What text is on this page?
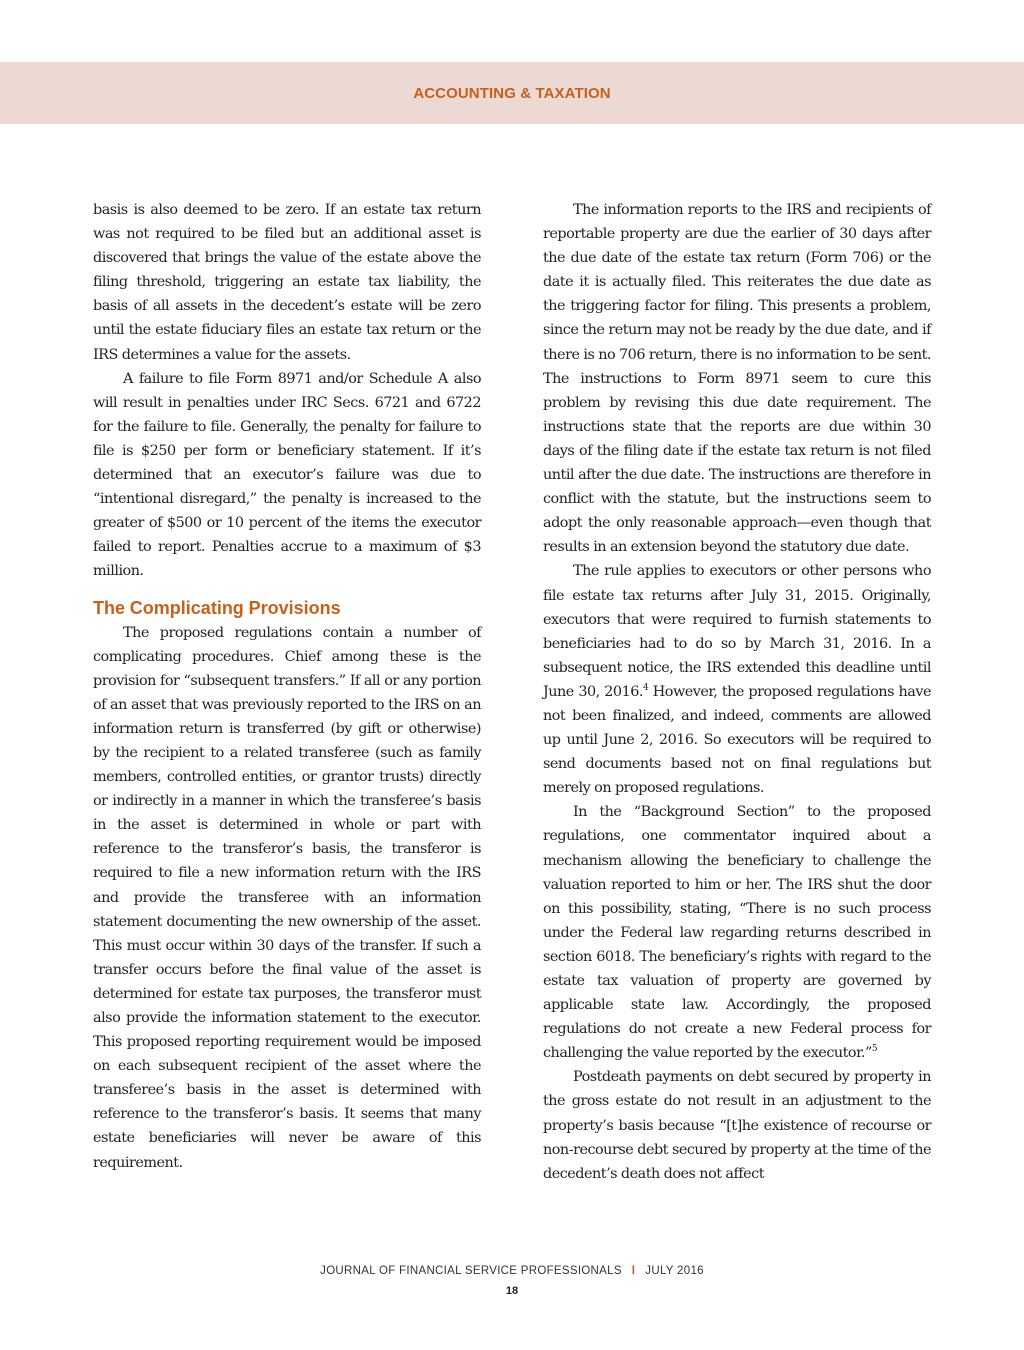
ACCOUNTING & TAXATION

basis is also deemed to be zero. If an estate tax return was not required to be filed but an additional asset is discovered that brings the value of the estate above the filing threshold, triggering an estate tax liability, the basis of all assets in the decedent’s estate will be zero until the estate fiduciary files an estate tax return or the IRS determines a value for the assets.

A failure to file Form 8971 and/or Schedule A also will result in penalties under IRC Secs. 6721 and 6722 for the failure to file. Generally, the penalty for failure to file is $250 per form or beneficiary statement. If it’s determined that an executor’s failure was due to “intentional disregard,” the penalty is increased to the greater of $500 or 10 percent of the items the executor failed to report. Penalties accrue to a maximum of $3 million.

The Complicating Provisions

The proposed regulations contain a number of complicating procedures. Chief among these is the provision for “subsequent transfers.” If all or any portion of an asset that was previously reported to the IRS on an information return is transferred (by gift or otherwise) by the recipient to a related transferee (such as family members, controlled entities, or grantor trusts) directly or indirectly in a manner in which the transferee’s basis in the asset is determined in whole or part with reference to the transferor’s basis, the transferor is required to file a new information return with the IRS and provide the transferee with an information statement documenting the new ownership of the asset. This must occur within 30 days of the transfer. If such a transfer occurs before the final value of the asset is determined for estate tax purposes, the transferor must also provide the information statement to the executor. This proposed reporting requirement would be imposed on each subsequent recipient of the asset where the transferee’s basis in the asset is determined with reference to the transferor’s basis. It seems that many estate beneficiaries will never be aware of this requirement.

The information reports to the IRS and recipients of reportable property are due the earlier of 30 days after the due date of the estate tax return (Form 706) or the date it is actually filed. This reiterates the due date as the triggering factor for filing. This presents a problem, since the return may not be ready by the due date, and if there is no 706 return, there is no information to be sent. The instructions to Form 8971 seem to cure this problem by revising this due date requirement. The instructions state that the reports are due within 30 days of the filing date if the estate tax return is not filed until after the due date. The instructions are therefore in conflict with the statute, but the instructions seem to adopt the only reasonable approach—even though that results in an extension beyond the statutory due date.

The rule applies to executors or other persons who file estate tax returns after July 31, 2015. Originally, executors that were required to furnish statements to beneficiaries had to do so by March 31, 2016. In a subsequent notice, the IRS extended this deadline until June 30, 2016.$^4$ However, the proposed regulations have not been finalized, and indeed, comments are allowed up until June 2, 2016. So executors will be required to send documents based not on final regulations but merely on proposed regulations.

In the “Background Section” to the proposed regulations, one commentator inquired about a mechanism allowing the beneficiary to challenge the valuation reported to him or her. The IRS shut the door on this possibility, stating, “There is no such process under the Federal law regarding returns described in section 6018. The beneficiary’s rights with regard to the estate tax valuation of property are governed by applicable state law. Accordingly, the proposed regulations do not create a new Federal process for challenging the value reported by the executor.”$^5$

Postdeath payments on debt secured by property in the gross estate do not result in an adjustment to the property’s basis because “[t]he existence of recourse or non-recourse debt secured by property at the time of the decedent’s death does not affect

JOURNAL OF FINANCIAL SERVICE PROFESSIONALS I JULY 2016
18
